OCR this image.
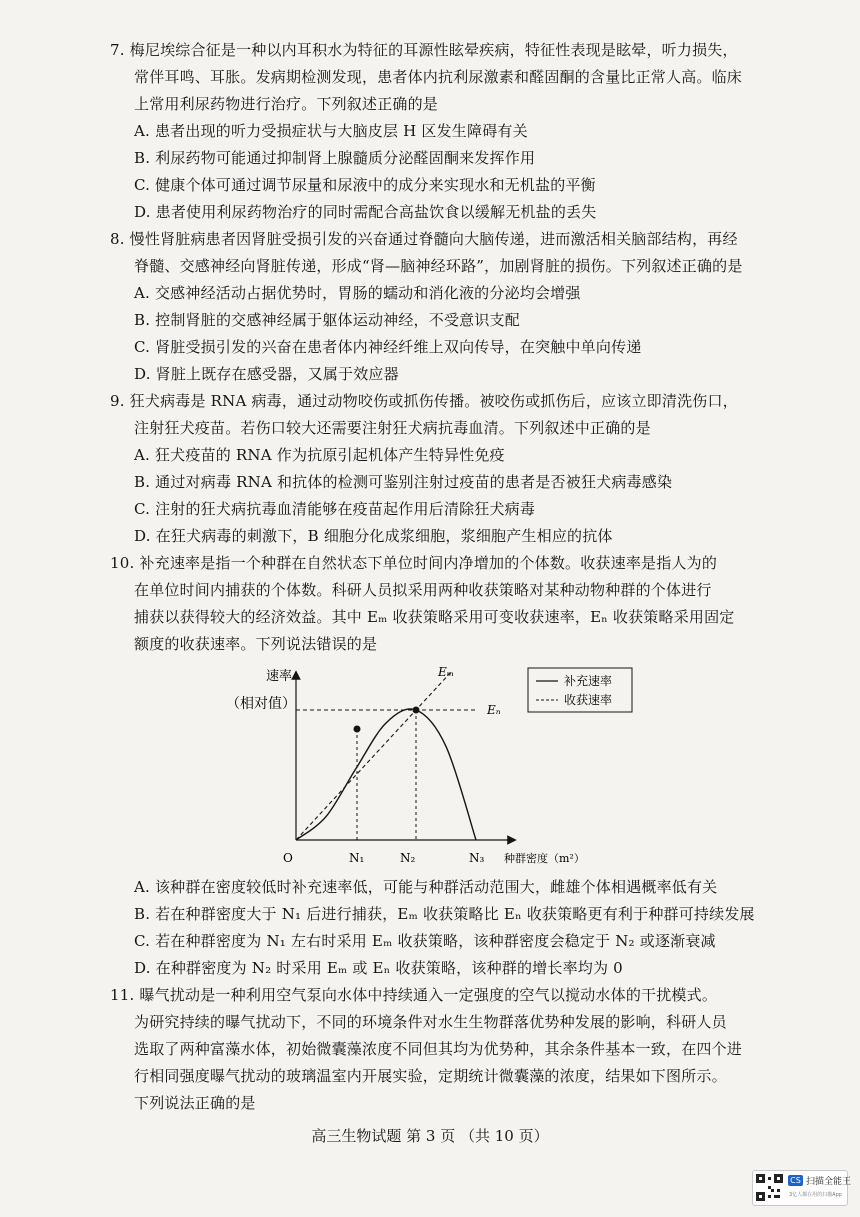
7. 梅尼埃综合征是一种以内耳积水为特征的耳源性眩晕疾病，特征性表现是眩晕，听力损失，
常伴耳鸣、耳胀。发病期检测发现，患者体内抗利尿激素和醛固酮的含量比正常人高。临床
上常用利尿药物进行治疗。下列叙述正确的是
A. 患者出现的听力受损症状与大脑皮层 H 区发生障碍有关
B. 利尿药物可能通过抑制肾上腺髓质分泌醛固酮来发挥作用
C. 健康个体可通过调节尿量和尿液中的成分来实现水和无机盐的平衡
D. 患者使用利尿药物治疗的同时需配合高盐饮食以缓解无机盐的丢失
8. 慢性肾脏病患者因肾脏受损引发的兴奋通过脊髓向大脑传递，进而激活相关脑部结构，再经
脊髓、交感神经向肾脏传递，形成“肾—脑神经环路”，加剧肾脏的损伤。下列叙述正确的是
A. 交感神经活动占据优势时，胃肠的蠕动和消化液的分泌均会增强
B. 控制肾脏的交感神经属于躯体运动神经，不受意识支配
C. 肾脏受损引发的兴奋在患者体内神经纤维上双向传导，在突触中单向传递
D. 肾脏上既存在感受器，又属于效应器
9. 狂犬病毒是 RNA 病毒，通过动物咬伤或抓伤传播。被咬伤或抓伤后，应该立即清洗伤口，
注射狂犬疫苗。若伤口较大还需要注射狂犬病抗毒血清。下列叙述中正确的是
A. 狂犬疫苗的 RNA 作为抗原引起机体产生特异性免疫
B. 通过对病毒 RNA 和抗体的检测可鉴别注射过疫苗的患者是否被狂犬病毒感染
C. 注射的狂犬病抗毒血清能够在疫苗起作用后清除狂犬病毒
D. 在狂犬病毒的刺激下，B 细胞分化成浆细胞，浆细胞产生相应的抗体
10. 补充速率是指一个种群在自然状态下单位时间内净增加的个体数。收获速率是指人为的
在单位时间内捕获的个体数。科研人员拟采用两种收获策略对某种动物种群的个体进行
捕获以获得较大的经济效益。其中 Eₘ 收获策略采用可变收获速率，Eₙ 收获策略采用固定
额度的收获速率。下列说法错误的是
速率
（相对值）
种群密度（m²）
O
Eₘ
Eₙ
N₁	N₂	N₃
补充速率
收获速率
A. 该种群在密度较低时补充速率低，可能与种群活动范围大，雌雄个体相遇概率低有关
B. 若在种群密度大于 N₁ 后进行捕获，Eₘ 收获策略比 Eₙ 收获策略更有利于种群可持续发展
C. 若在种群密度为 N₁ 左右时采用 Eₘ 收获策略，该种群密度会稳定于 N₂ 或逐渐衰减
D. 在种群密度为 N₂ 时采用 Eₘ 或 Eₙ 收获策略，该种群的增长率均为 0
11. 曝气扰动是一种利用空气泵向水体中持续通入一定强度的空气以搅动水体的干扰模式。
为研究持续的曝气扰动下，不同的环境条件对水生生物群落优势种发展的影响，科研人员
选取了两种富藻水体，初始微囊藻浓度不同但其均为优势种，其余条件基本一致，在四个进
行相同强度曝气扰动的玻璃温室内开展实验，定期统计微囊藻的浓度，结果如下图所示。
下列说法正确的是
高三生物试题 第 3 页 （共 10 页）
CS 扫描全能王
3亿人都在用的扫描App
